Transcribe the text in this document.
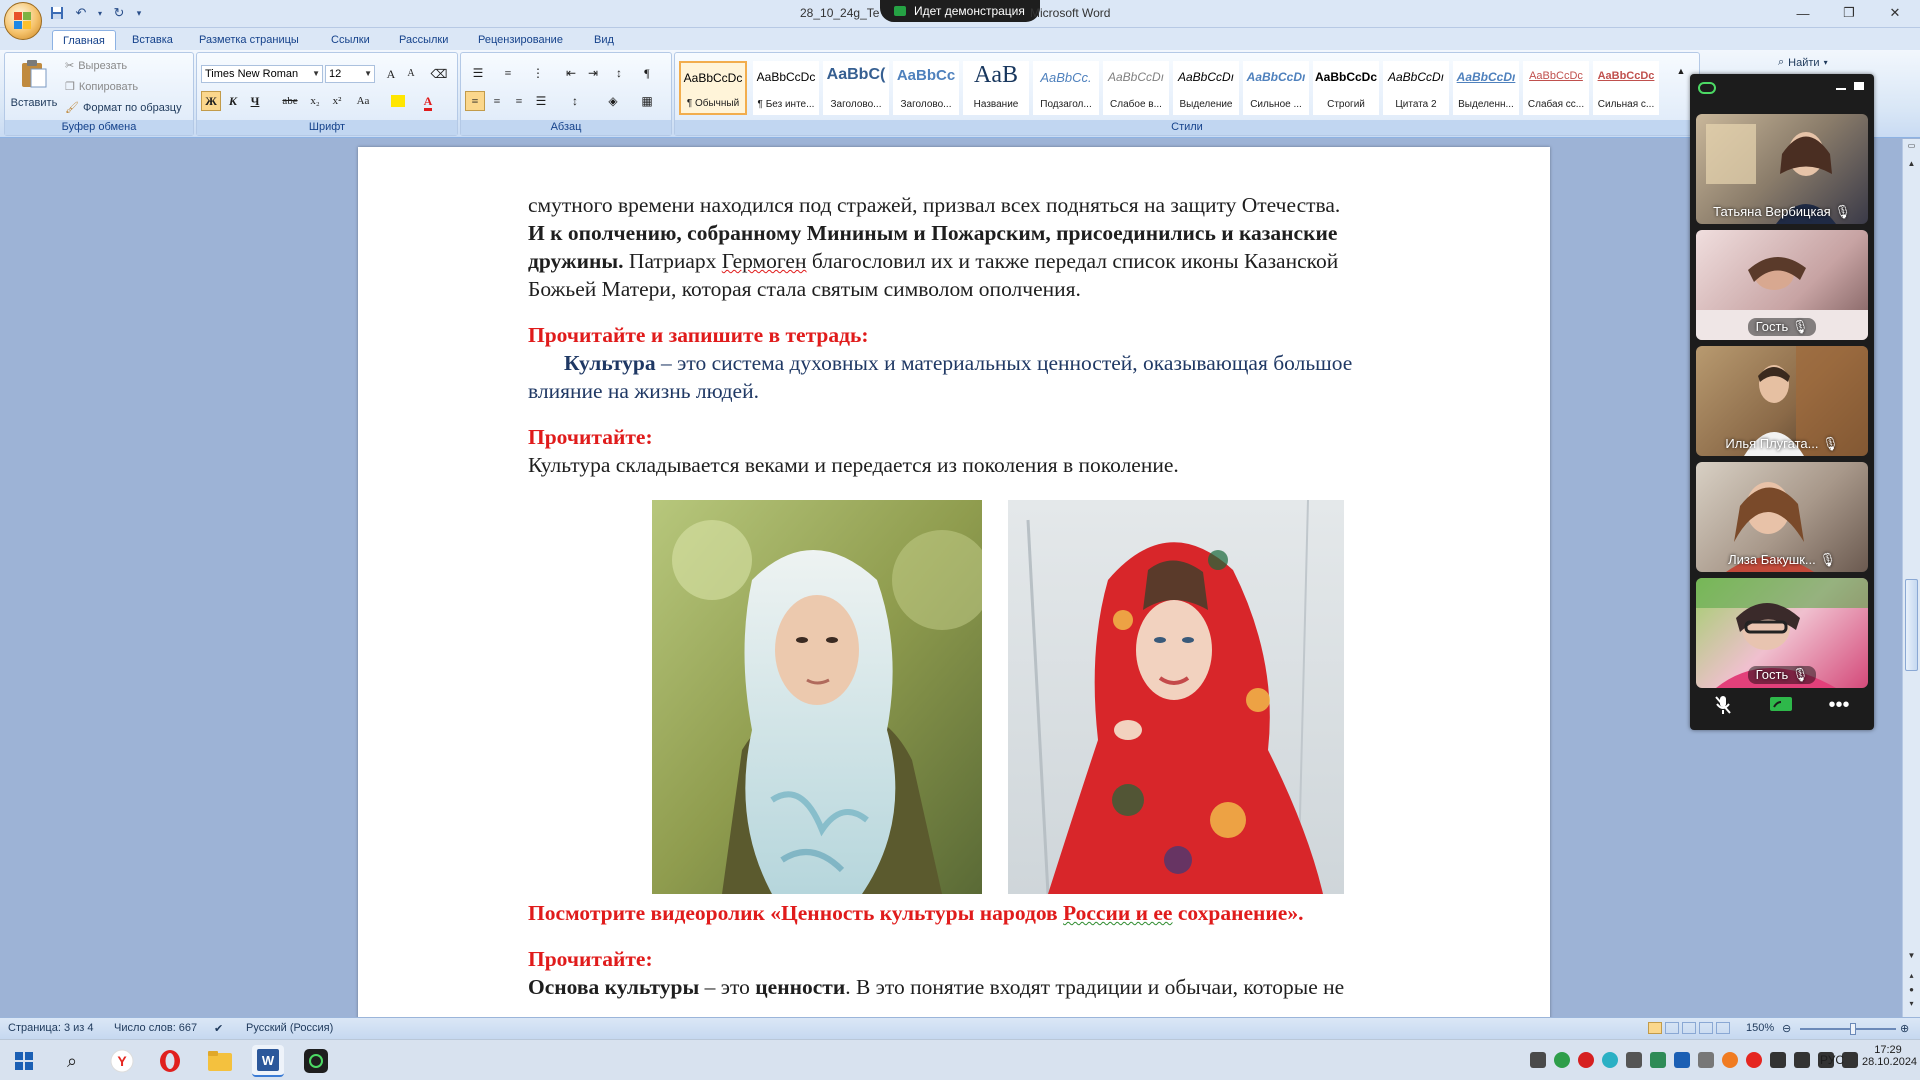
↶	▾ ↻	▾	28_10_24g_Te	Идет демонстрация Microsoft Word	—	❐	✕
Главная	Вставка	Разметка страницы	Ссылки	Рассылки	Рецензирование	Вид
Вставить
✂ Вырезать
❐ Копировать
🖌 Формат по образцу
Буфер обмена
Times New Roman ▼ 12	▼	A	A	⌫
Ж К	Ч	abe	x₂	x²	Aa	A
Шрифт
☰	≡	⋮	⇤ ⇥	↕	¶
≡	≡	≡	☰	↕	◈	▦
Абзац
AaBbCcDc
¶ Обычный
AaBbCcDc
¶ Без инте...
AaBbC(
Заголово...
AaBbCc
Заголово...
AaB
Название
AaBbCc.
Подзагол...
AaBbCcDı
Слабое в...
AaBbCcDı
Выделение
AaBbCcDı
Сильное ...
AaBbCcDc
Строгий
AaBbCcDı
Цитата 2
AaBbCcDı
Выделенн...
AaBbCcDc
Слабая сс...
AaBbCcDc
Сильная с...
▲
Стили
⌕ Найти ▾
смутного времени находился под стражей, призвал всех подняться на защиту Отечества.
И к ополчению, собранному Мининым и Пожарским, присоединились и казанские
дружины. Патриарх Гермоген благословил их и также передал список иконы Казанской
Божьей Матери, которая стала святым символом ополчения.
Прочитайте и запишите в тетрадь:
Культура – это система духовных и материальных ценностей, оказывающая большое
влияние на жизнь людей.
Прочитайте:
Культура складывается веками и передается из поколения в поколение.
Посмотрите видеоролик «Ценность культуры народов России и ее сохранение».
Прочитайте:
Основа культуры – это ценности. В это понятие входят традиции и обычаи, которые не
▭
▲
▼
▴
●
▾
Страница: 3 из 4 Число слов: 667 ✔ Русский (Россия)	150% ⊖	⊕
⌕	Y	W	РУС
17:29
28.10.2024
Татьяна Вербицкая 🎙
Гость 🎙
Илья Плугата... 🎙
Лиза Бакушк... 🎙
Гость 🎙
•••
